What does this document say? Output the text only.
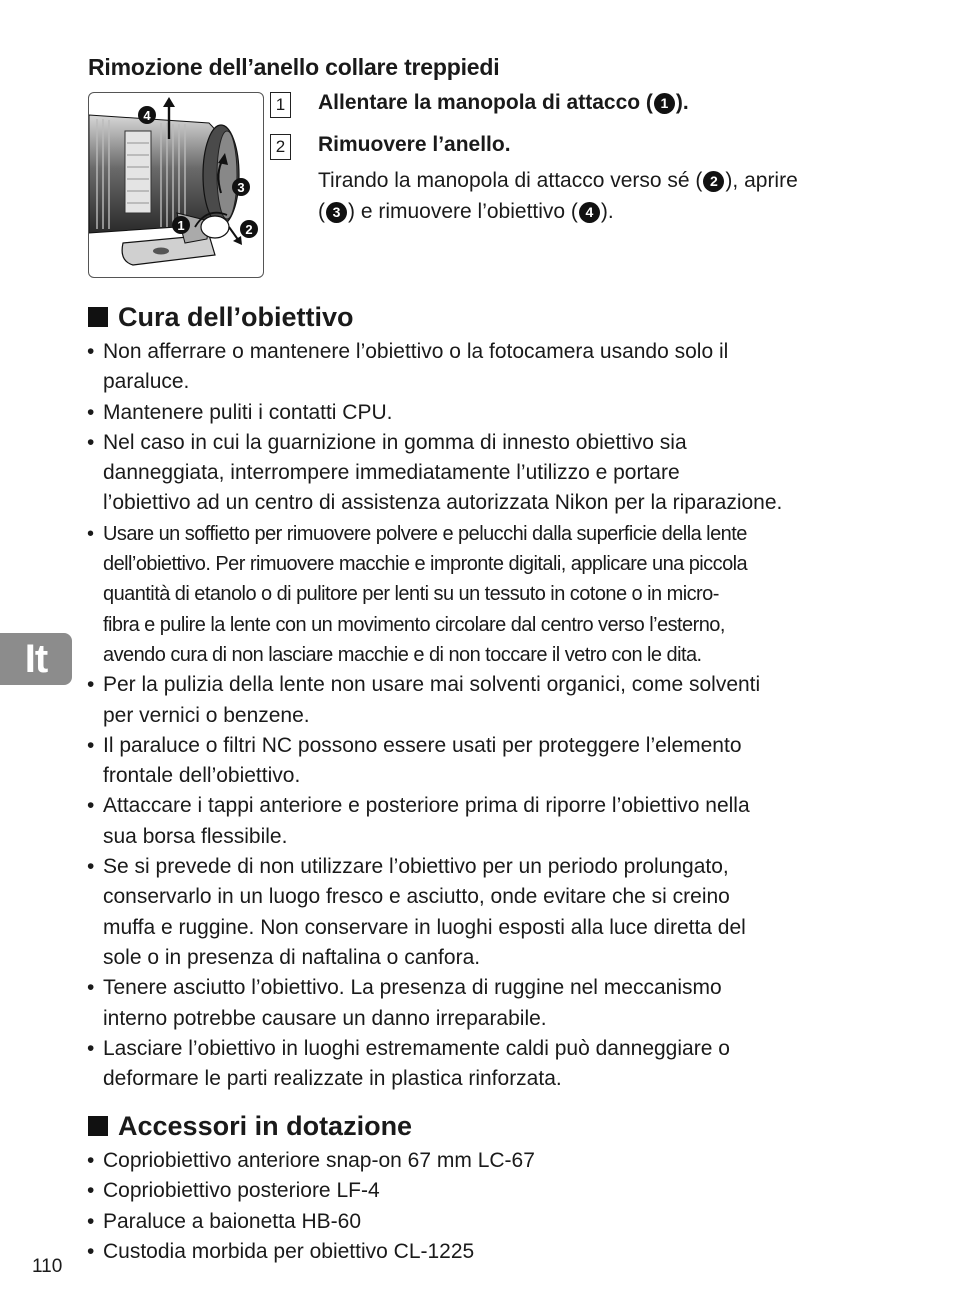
Rimozione dell’anello collare treppiedi
4
3
1	2
1 Allentare la manopola di attacco ( 1 ).
2 Rimuovere l’anello.
Tirando la manopola di attacco verso sé ( 2 ), aprire
( 3 ) e rimuovere l’obiettivo ( 4 ).
Cura dell’obiettivo
• Non afferrare o mantenere l’obiettivo o la fotocamera usando solo il
paraluce.
• Mantenere puliti i contatti CPU.
• Nel caso in cui la guarnizione in gomma di innesto obiettivo sia
danneggiata, interrompere immediatamente l’utilizzo e portare
l’obiettivo ad un centro di assistenza autorizzata Nikon per la riparazione.
• Usare un soffietto per rimuovere polvere e pelucchi dalla superficie della lente
dell’obiettivo. Per rimuovere macchie e impronte digitali, applicare una piccola
quantità di etanolo o di pulitore per lenti su un tessuto in cotone o in micro-
fibra e pulire la lente con un movimento circolare dal centro verso l’esterno,
avendo cura di non lasciare macchie e di non toccare il vetro con le dita.
• Per la pulizia della lente non usare mai solventi organici, come solventi
per vernici o benzene.
• Il paraluce o filtri NC possono essere usati per proteggere l’elemento
frontale dell’obiettivo.
• Attaccare i tappi anteriore e posteriore prima di riporre l’obiettivo nella
sua borsa flessibile.
• Se si prevede di non utilizzare l’obiettivo per un periodo prolungato,
conservarlo in un luogo fresco e asciutto, onde evitare che si creino
muffa e ruggine. Non conservare in luoghi esposti alla luce diretta del
sole o in presenza di naftalina o canfora.
• Tenere asciutto l’obiettivo. La presenza di ruggine nel meccanismo
interno potrebbe causare un danno irreparabile.
• Lasciare l’obiettivo in luoghi estremamente caldi può danneggiare o
deformare le parti realizzate in plastica rinforzata.
Accessori in dotazione
• Copriobiettivo anteriore snap-on 67 mm LC-67
• Copriobiettivo posteriore LF-4
• Paraluce a baionetta HB-60
• Custodia morbida per obiettivo CL-1225
It
110
